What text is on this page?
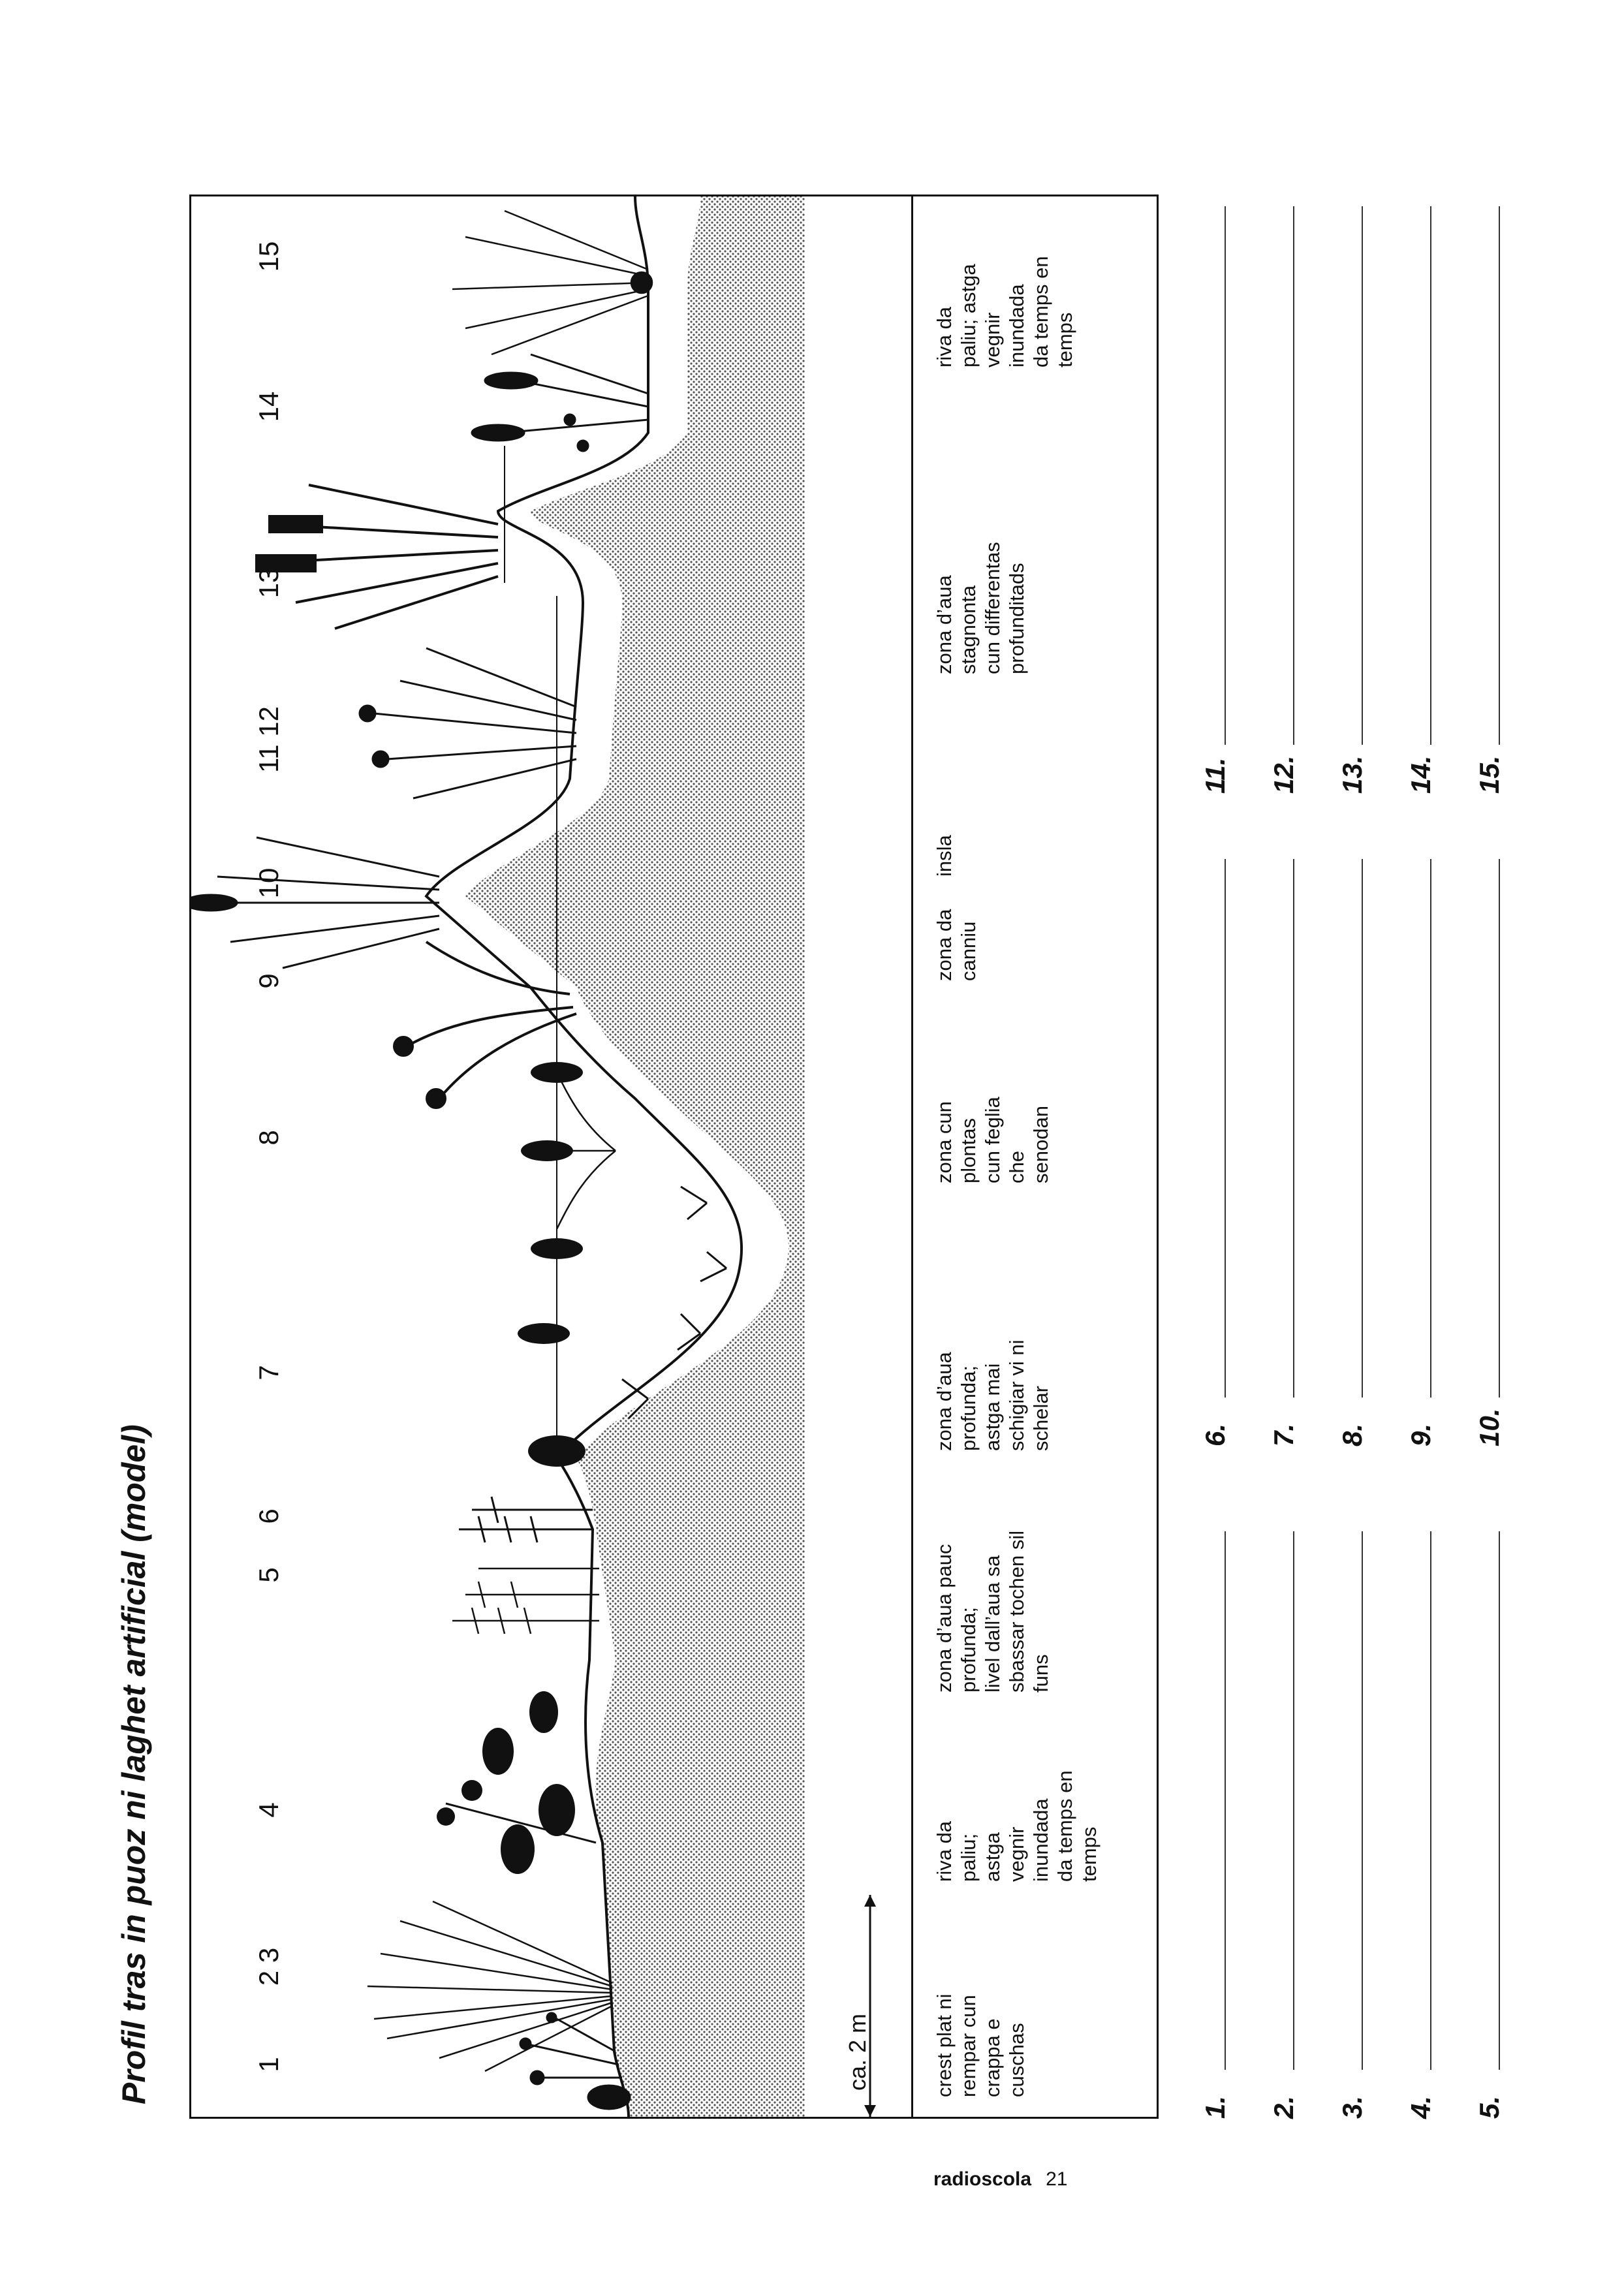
Profil tras in puoz ni laghet artificial (model)	1
2 3
4
5
6
7
8
9
10
11 12
13
14
15
crest plat ni
rempar cun
crappa e
cuschas
riva da
paliu;
astga
vegnir
inundada
da temps en
temps
zona d’aua pauc
profunda;
livel dall’aua sa
sbassar tochen sil
funs
zona d’aua
profunda;
astga mai
schigiar vi ni
schelar
zona cun
plontas
cun feglia
che
senodan
zona da
canniu
insla
zona d’aua
stagnonta
cun differentas
profunditads
riva da
paliu; astga
vegnir
inundada
da temps en
temps
ca. 2 m
1. 2. 3. 4. 5.
6. 7. 8. 9. 10.
11. 12. 13. 14. 15.
radioscola 21
